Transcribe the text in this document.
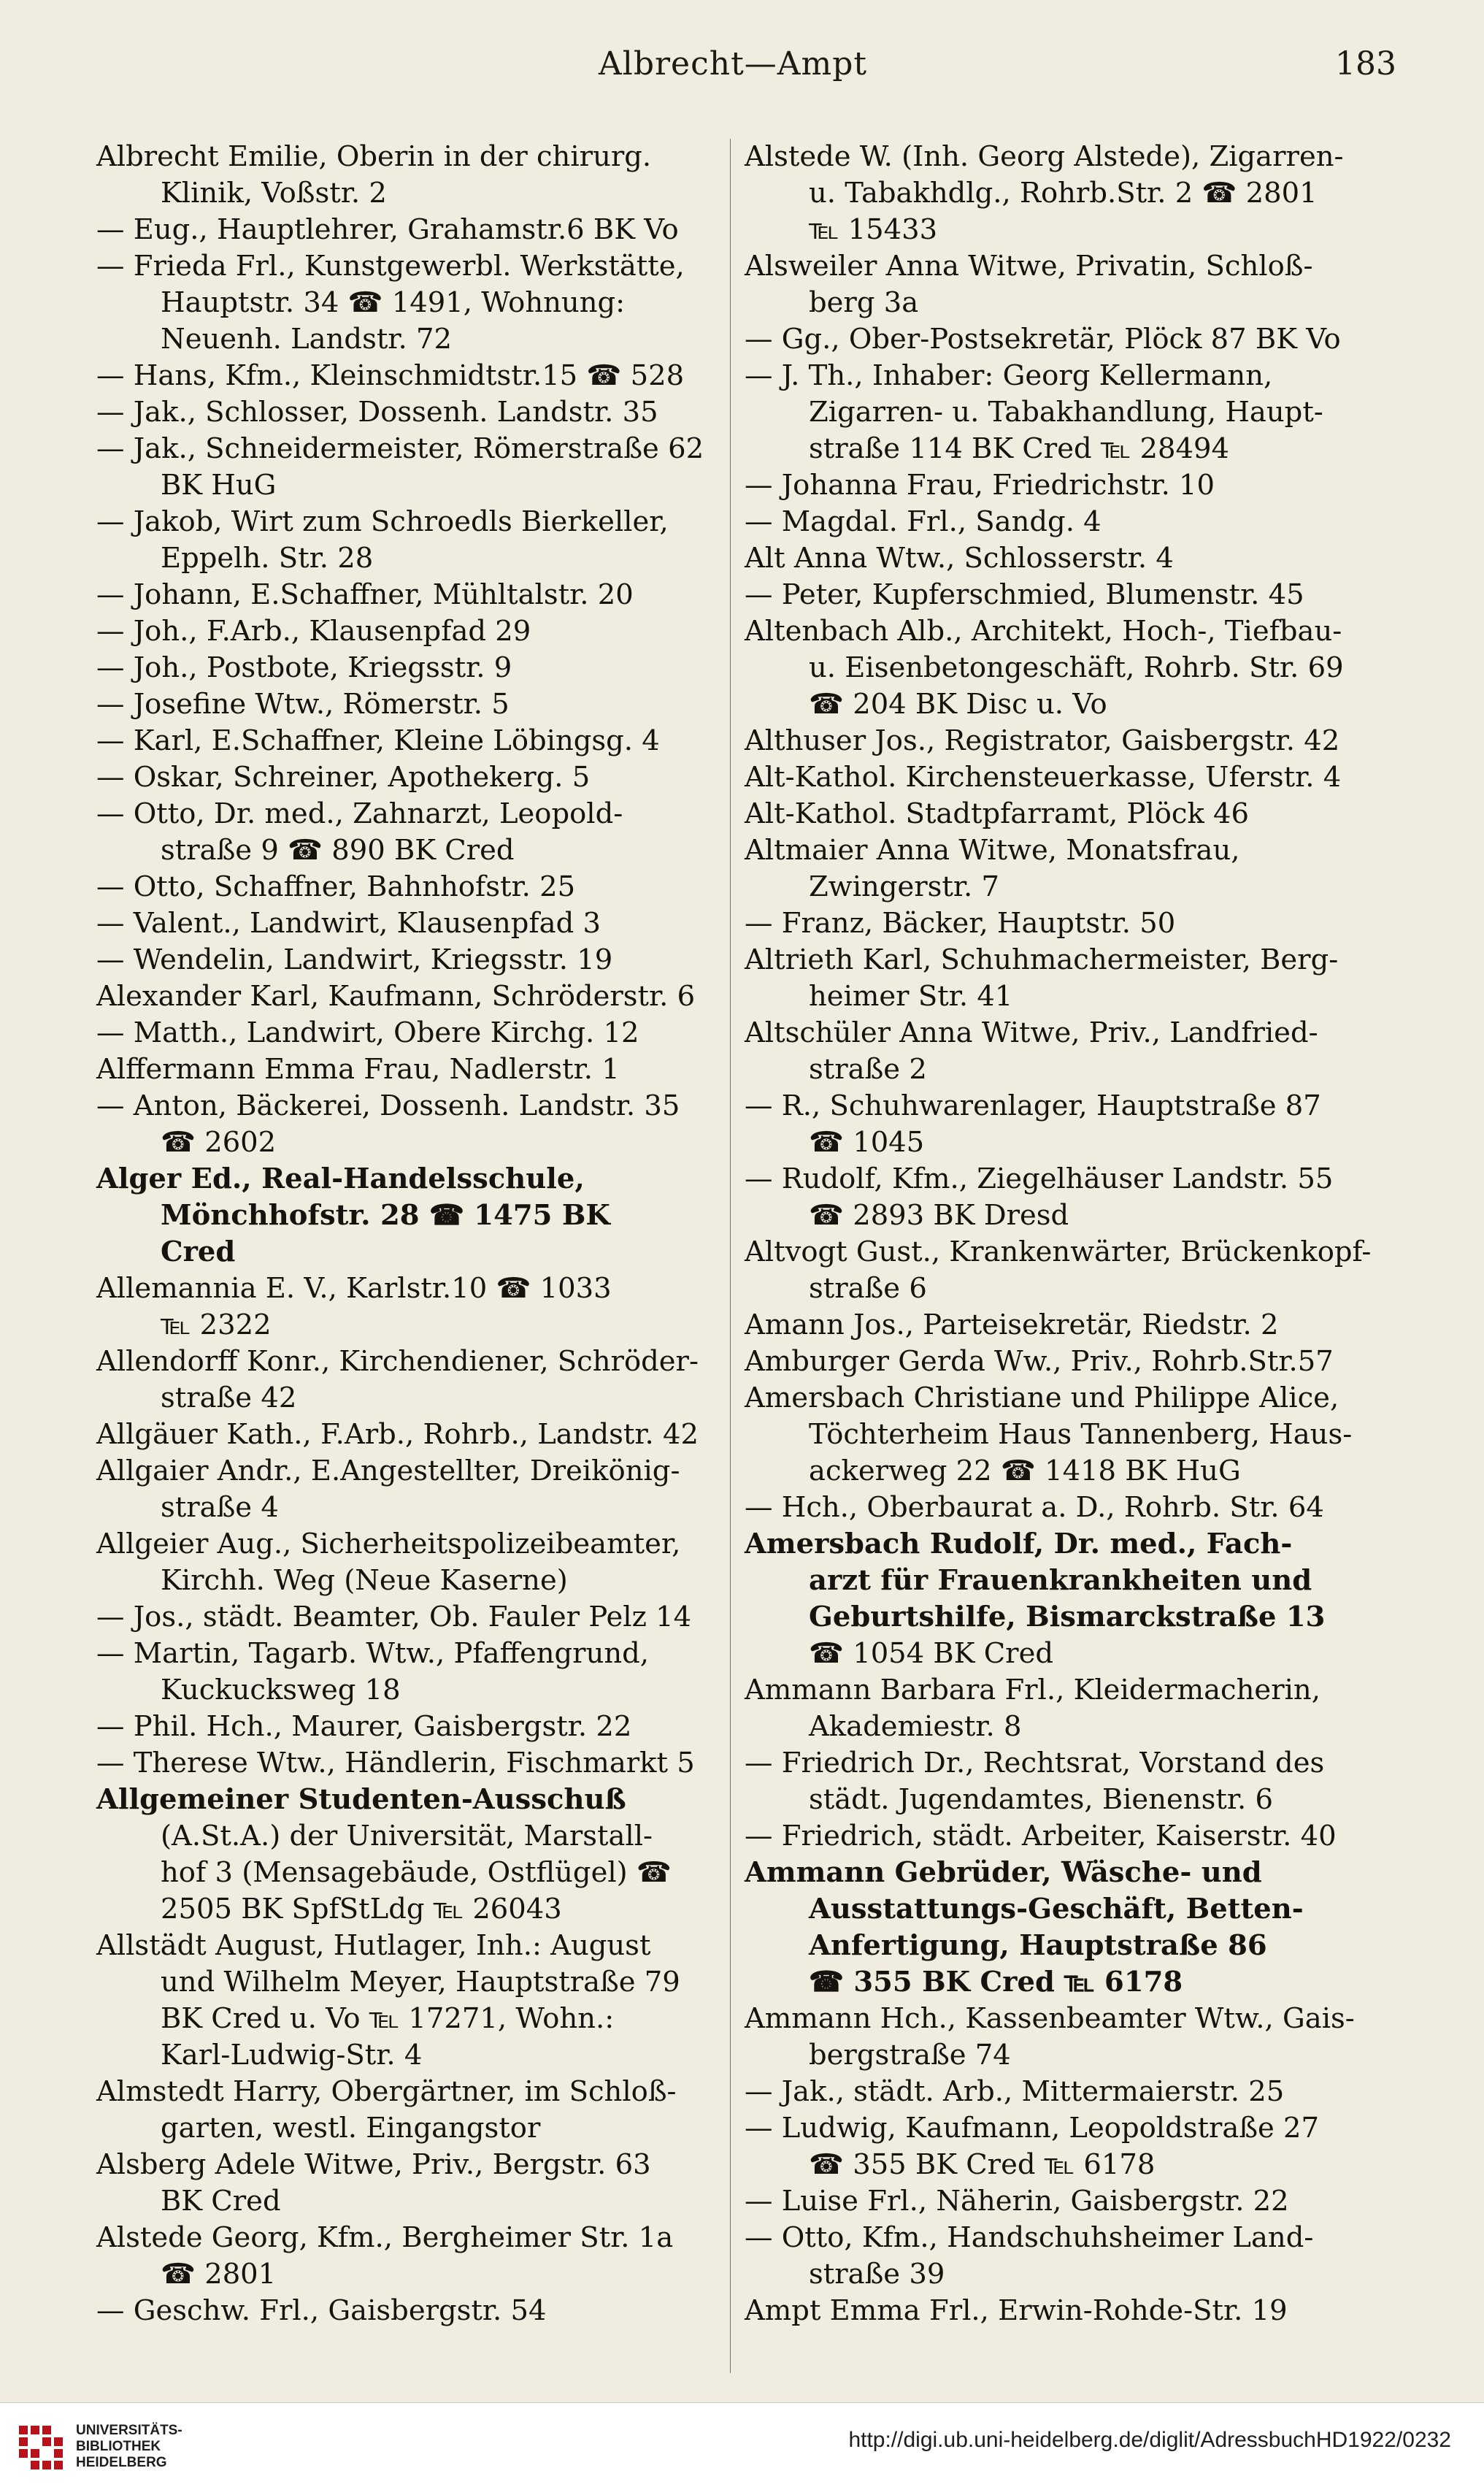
Albrecht—Ampt	183
Albrecht Emilie, Oberin in der chirurg.
Klinik, Voßstr. 2
— Eug., Hauptlehrer, Grahamstr.6 BK Vo
— Frieda Frl., Kunstgewerbl. Werkstätte,
Hauptstr. 34 ☎ 1491, Wohnung:
Neuenh. Landstr. 72
— Hans, Kfm., Kleinschmidtstr.15 ☎ 528
— Jak., Schlosser, Dossenh. Landstr. 35
— Jak., Schneidermeister, Römerstraße 62
BK HuG
— Jakob, Wirt zum Schroedls Bierkeller,
Eppelh. Str. 28
— Johann, E.Schaffner, Mühltalstr. 20
— Joh., F.Arb., Klausenpfad 29
— Joh., Postbote, Kriegsstr. 9
— Josefine Wtw., Römerstr. 5
— Karl, E.Schaffner, Kleine Löbingsg. 4
— Oskar, Schreiner, Apothekerg. 5
— Otto, Dr. med., Zahnarzt, Leopold-
straße 9 ☎ 890 BK Cred
— Otto, Schaffner, Bahnhofstr. 25
— Valent., Landwirt, Klausenpfad 3
— Wendelin, Landwirt, Kriegsstr. 19
Alexander Karl, Kaufmann, Schröderstr. 6
— Matth., Landwirt, Obere Kirchg. 12
Alffermann Emma Frau, Nadlerstr. 1
— Anton, Bäckerei, Dossenh. Landstr. 35
☎ 2602
Alger Ed., Real-Handelsschule,
Mönchhofstr. 28 ☎ 1475 BK
Cred
Allemannia E. V., Karlstr.10 ☎ 1033
℡ 2322
Allendorff Konr., Kirchendiener, Schröder-
straße 42
Allgäuer Kath., F.Arb., Rohrb., Landstr. 42
Allgaier Andr., E.Angestellter, Dreikönig-
straße 4
Allgeier Aug., Sicherheitspolizeibeamter,
Kirchh. Weg (Neue Kaserne)
— Jos., städt. Beamter, Ob. Fauler Pelz 14
— Martin, Tagarb. Wtw., Pfaffengrund,
Kuckucksweg 18
— Phil. Hch., Maurer, Gaisbergstr. 22
— Therese Wtw., Händlerin, Fischmarkt 5
Allgemeiner Studenten-Ausschuß
(A.St.A.) der Universität, Marstall-
hof 3 (Mensagebäude, Ostflügel) ☎
2505 BK SpfStLdg ℡ 26043
Allstädt August, Hutlager, Inh.: August
und Wilhelm Meyer, Hauptstraße 79
BK Cred u. Vo ℡ 17271, Wohn.:
Karl-Ludwig-Str. 4
Almstedt Harry, Obergärtner, im Schloß-
garten, westl. Eingangstor
Alsberg Adele Witwe, Priv., Bergstr. 63
BK Cred
Alstede Georg, Kfm., Bergheimer Str. 1a
☎ 2801
— Geschw. Frl., Gaisbergstr. 54
Alstede W. (Inh. Georg Alstede), Zigarren-
u. Tabakhdlg., Rohrb.Str. 2 ☎ 2801
℡ 15433
Alsweiler Anna Witwe, Privatin, Schloß-
berg 3a
— Gg., Ober-Postsekretär, Plöck 87 BK Vo
— J. Th., Inhaber: Georg Kellermann,
Zigarren- u. Tabakhandlung, Haupt-
straße 114 BK Cred ℡ 28494
— Johanna Frau, Friedrichstr. 10
— Magdal. Frl., Sandg. 4
Alt Anna Wtw., Schlosserstr. 4
— Peter, Kupferschmied, Blumenstr. 45
Altenbach Alb., Architekt, Hoch-, Tiefbau-
u. Eisenbetongeschäft, Rohrb. Str. 69
☎ 204 BK Disc u. Vo
Althuser Jos., Registrator, Gaisbergstr. 42
Alt-Kathol. Kirchensteuerkasse, Uferstr. 4
Alt-Kathol. Stadtpfarramt, Plöck 46
Altmaier Anna Witwe, Monatsfrau,
Zwingerstr. 7
— Franz, Bäcker, Hauptstr. 50
Altrieth Karl, Schuhmachermeister, Berg-
heimer Str. 41
Altschüler Anna Witwe, Priv., Landfried-
straße 2
— R., Schuhwarenlager, Hauptstraße 87
☎ 1045
— Rudolf, Kfm., Ziegelhäuser Landstr. 55
☎ 2893 BK Dresd
Altvogt Gust., Krankenwärter, Brückenkopf-
straße 6
Amann Jos., Parteisekretär, Riedstr. 2
Amburger Gerda Ww., Priv., Rohrb.Str.57
Amersbach Christiane und Philippe Alice,
Töchterheim Haus Tannenberg, Haus-
ackerweg 22 ☎ 1418 BK HuG
— Hch., Oberbaurat a. D., Rohrb. Str. 64
Amersbach Rudolf, Dr. med., Fach-
arzt für Frauenkrankheiten und
Geburtshilfe, Bismarckstraße 13
☎ 1054 BK Cred
Ammann Barbara Frl., Kleidermacherin,
Akademiestr. 8
— Friedrich Dr., Rechtsrat, Vorstand des
städt. Jugendamtes, Bienenstr. 6
— Friedrich, städt. Arbeiter, Kaiserstr. 40
Ammann Gebrüder, Wäsche- und
Ausstattungs-Geschäft, Betten-
Anfertigung, Hauptstraße 86
☎ 355 BK Cred ℡ 6178
Ammann Hch., Kassenbeamter Wtw., Gais-
bergstraße 74
— Jak., städt. Arb., Mittermaierstr. 25
— Ludwig, Kaufmann, Leopoldstraße 27
☎ 355 BK Cred ℡ 6178
— Luise Frl., Näherin, Gaisbergstr. 22
— Otto, Kfm., Handschuhsheimer Land-
straße 39
Ampt Emma Frl., Erwin-Rohde-Str. 19
UNIVERSITÄTS-
BIBLIOTHEK
HEIDELBERG
http://digi.ub.uni-heidelberg.de/diglit/AdressbuchHD1922/0232
